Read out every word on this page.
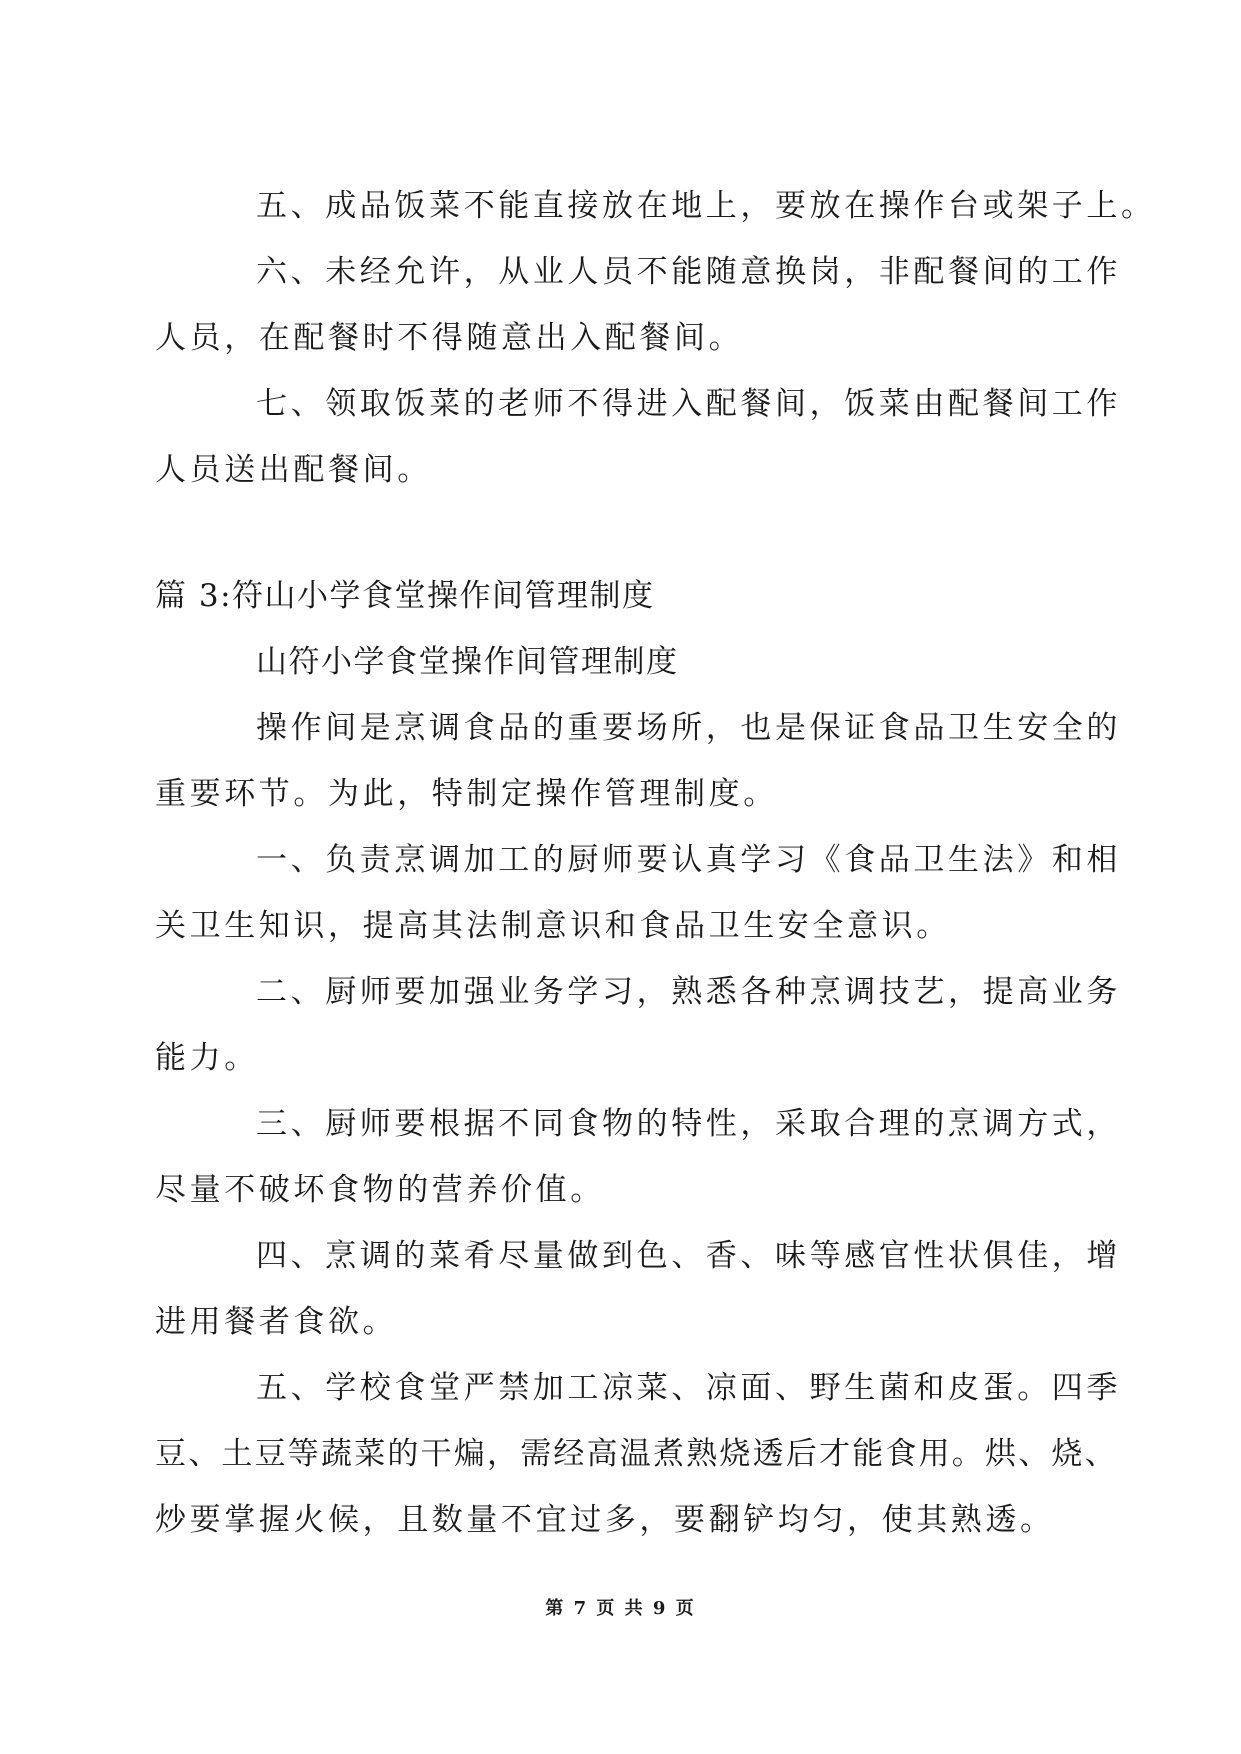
五、成品饭菜不能直接放在地上，要放在操作台或架子上。

六、未经允许，从业人员不能随意换岗，非配餐间的工作

人员，在配餐时不得随意出入配餐间。

七、领取饭菜的老师不得进入配餐间，饭菜由配餐间工作

人员送出配餐间。

篇 3:符山小学食堂操作间管理制度

山符小学食堂操作间管理制度

操作间是烹调食品的重要场所，也是保证食品卫生安全的

重要环节。为此，特制定操作管理制度。

一、负责烹调加工的厨师要认真学习《食品卫生法》和相

关卫生知识，提高其法制意识和食品卫生安全意识。

二、厨师要加强业务学习，熟悉各种烹调技艺，提高业务

能力。

三、厨师要根据不同食物的特性，采取合理的烹调方式，

尽量不破坏食物的营养价值。

四、烹调的菜肴尽量做到色、香、味等感官性状俱佳，增

进用餐者食欲。

五、学校食堂严禁加工凉菜、凉面、野生菌和皮蛋。四季

豆、土豆等蔬菜的干煸，需经高温煮熟烧透后才能食用。烘、烧、

炒要掌握火候，且数量不宜过多，要翻铲均匀，使其熟透。

第 7 页 共 9 页
